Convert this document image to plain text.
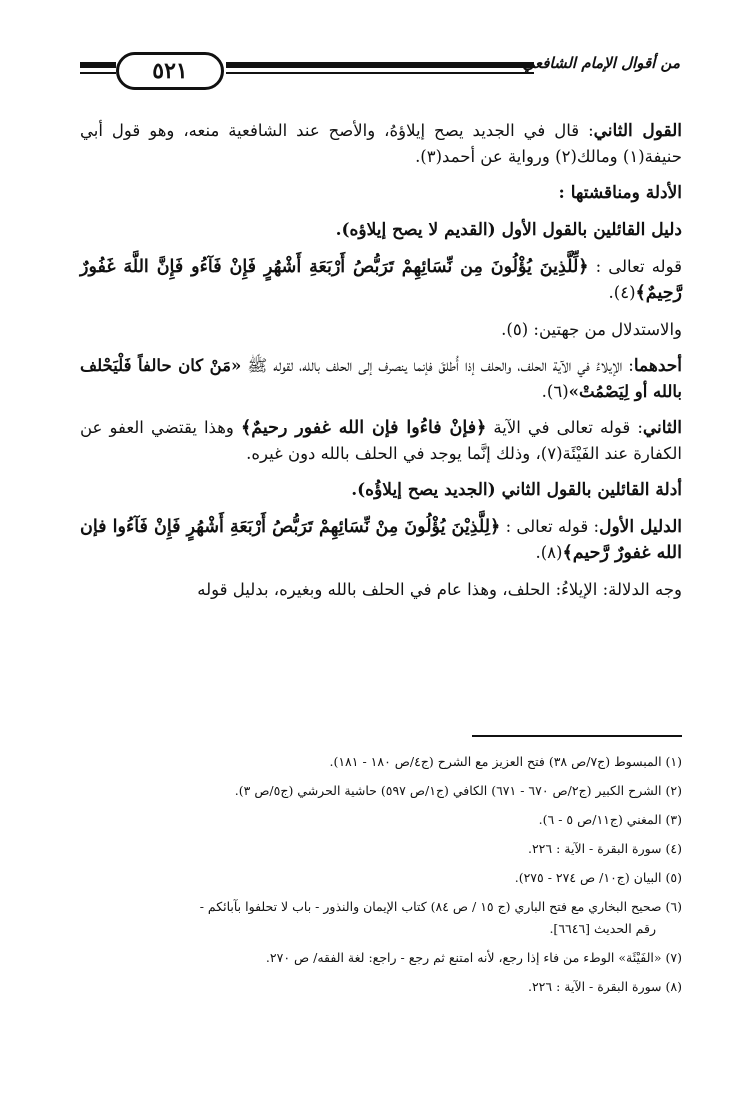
٥٢١	من أقوال الإمام الشافعي

القول الثاني: قال في الجديد يصح إيلاؤهُ، والأصح عند الشافعية منعه، وهو قول أبي حنيفة(١) ومالك(٢) ورواية عن أحمد(٣).

الأدلة ومناقشتها :

دليل القائلين بالقول الأول (القديم لا يصح إيلاؤه).

قوله تعالى : ﴿لِّلَّذِينَ يُؤْلُونَ مِن نِّسَائِهِمْ تَرَبُّصُ أَرْبَعَةِ أَشْهُرٍ فَإِنْ فَآءُو فَإِنَّ اللَّهَ غَفُورٌ رَّحِيمٌ﴾(٤).

والاستدلال من جهتين: (٥).

أحدهما: الإيلاءُ في الآية الحلف، والحلف إذا أُطلقَ فإنما ينصرف إلى الحلف بالله، لقوله ﷺ «مَنْ كان حالفاً فَلْيَحْلف بالله أو لِيَصْمُتْ»(٦).

الثاني: قوله تعالى في الآية ﴿فإنْ فاءُوا فإن الله غفور رحيمٌ﴾ وهذا يقتضي العفو عن الكفارة عند الفَيْئَة(٧)، وذلك إنَّما يوجد في الحلف بالله دون غيره.

أدلة القائلين بالقول الثاني (الجديد يصح إيلاؤُه).

الدليل الأول: قوله تعالى : ﴿لِلَّذِيْنَ يُؤْلُونَ مِنْ نِّسَائِهِمْ تَرَبُّصُ أَرْبَعَةِ أَشْهُرٍ فَإِنْ فَآءُوا فإن الله غفورٌ رَّحيم﴾(٨).

وجه الدلالة: الإيلاءُ: الحلف، وهذا عام في الحلف بالله وبغيره، بدليل قوله

(١) المبسوط (ج٧/ص ٣٨) فتح العزيز مع الشرح (ج٤/ص ١٨٠ - ١٨١).
(٢) الشرح الكبير (ج٢/ص ٦٧٠ - ٦٧١) الكافي (ج١/ص ٥٩٧) حاشية الحرشي (ج٥/ص ٣).
(٣) المغني (ج١١/ص ٥ - ٦).
(٤) سورة البقرة - الآية : ٢٢٦.
(٥) البيان (ج١٠/ ص ٢٧٤ - ٢٧٥).
(٦) صحيح البخاري مع فتح الباري (ج ١٥ / ص ٨٤) كتاب الإيمان والنذور - باب لا تحلفوا بآبائكم -
رقم الحديث [٦٦٤٦].
(٧) «الفَيْئَة» الوطء من فاء إذا رجع، لأنه امتنع ثم رجع - راجع: لغة الفقه/ ص ٢٧٠.
(٨) سورة البقرة - الآية : ٢٢٦.
